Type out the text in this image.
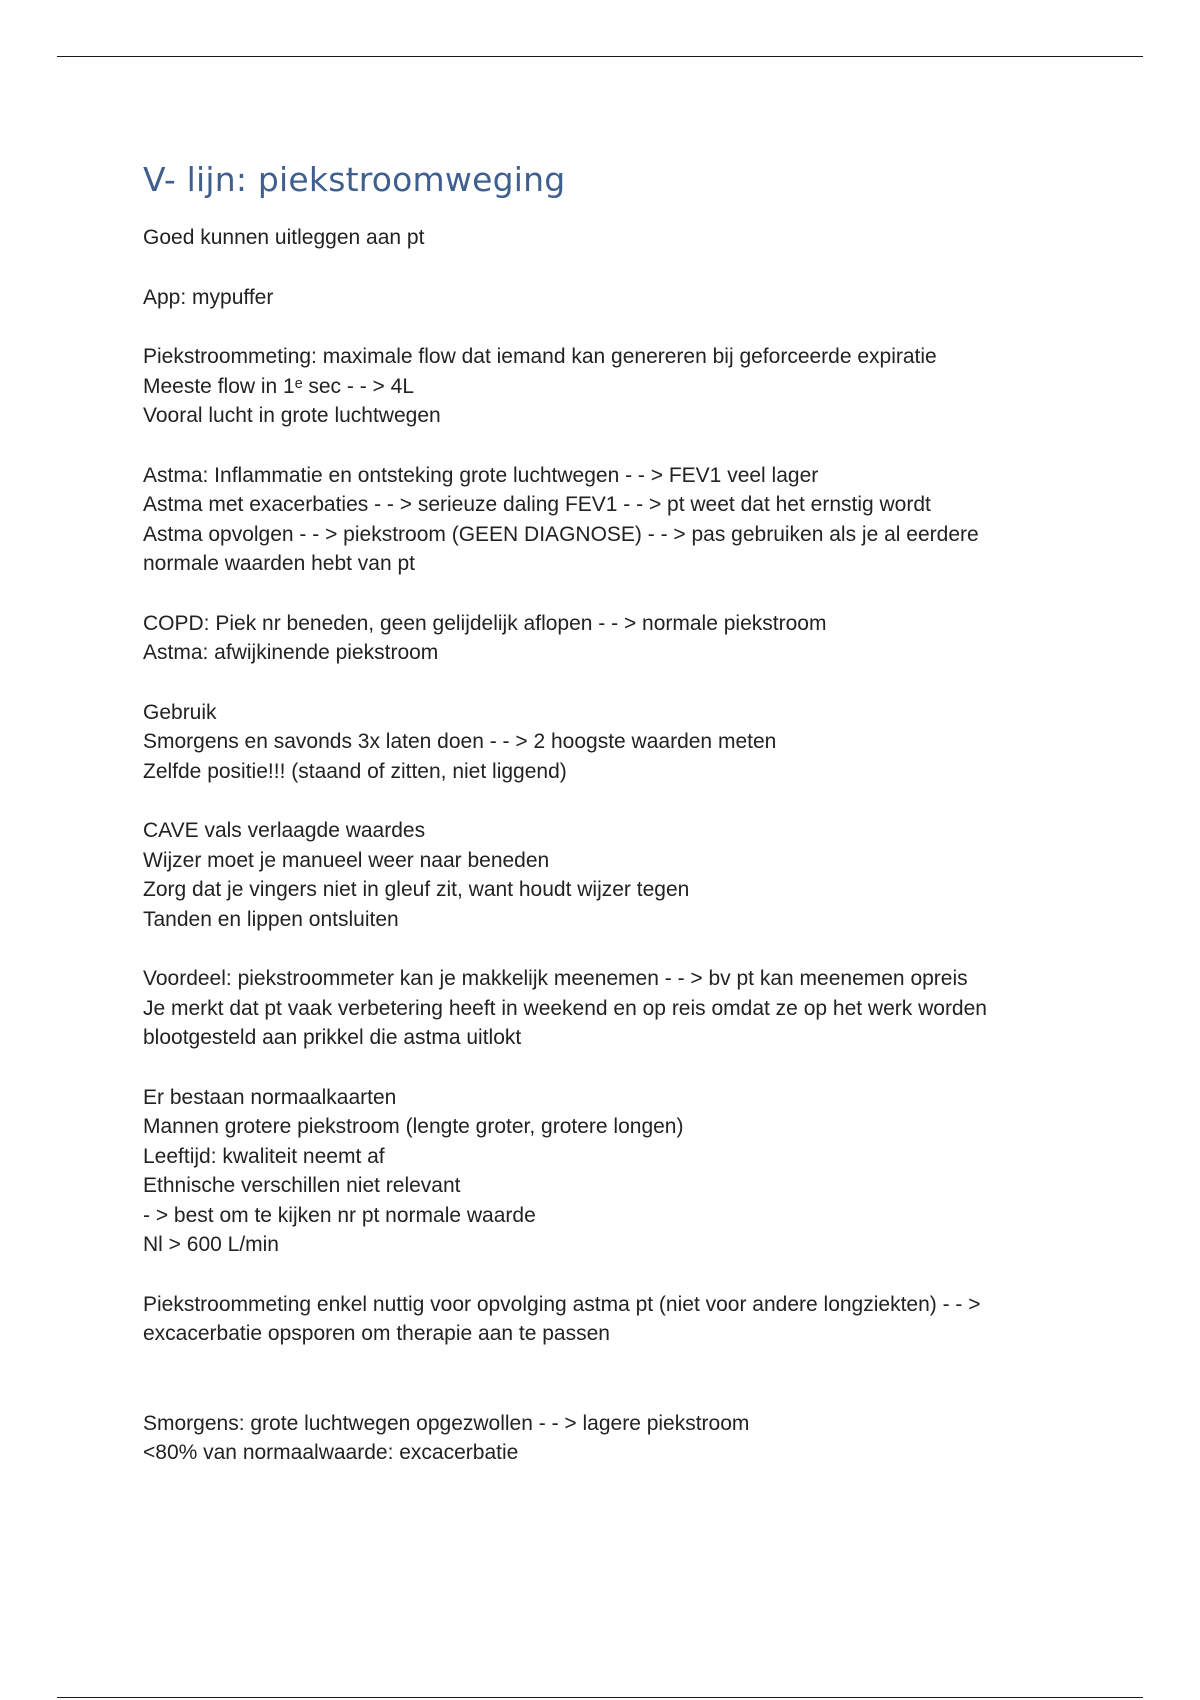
V- lijn: piekstroomweging

Goed kunnen uitleggen aan pt

App: mypuffer

Piekstroommeting: maximale flow dat iemand kan genereren bij geforceerde expiratie

Meeste flow in 1ᵉ sec - - > 4L

Vooral lucht in grote luchtwegen

Astma: Inflammatie en ontsteking grote luchtwegen - - > FEV1 veel lager

Astma met exacerbaties - - > serieuze daling FEV1 - - > pt weet dat het ernstig wordt

Astma opvolgen - - > piekstroom (GEEN DIAGNOSE) - - > pas gebruiken als je al eerdere

normale waarden hebt van pt

COPD: Piek nr beneden, geen gelijdelijk aflopen - - > normale piekstroom

Astma: afwijkinende piekstroom

Gebruik

Smorgens en savonds 3x laten doen - - > 2 hoogste waarden meten

Zelfde positie!!! (staand of zitten, niet liggend)

CAVE vals verlaagde waardes

Wijzer moet je manueel weer naar beneden

Zorg dat je vingers niet in gleuf zit, want houdt wijzer tegen

Tanden en lippen ontsluiten

Voordeel: piekstroommeter kan je makkelijk meenemen - - > bv pt kan meenemen opreis

Je merkt dat pt vaak verbetering heeft in weekend en op reis omdat ze op het werk worden

blootgesteld aan prikkel die astma uitlokt

Er bestaan normaalkaarten

Mannen grotere piekstroom (lengte groter, grotere longen)

Leeftijd: kwaliteit neemt af

Ethnische verschillen niet relevant

- > best om te kijken nr pt normale waarde

Nl > 600 L/min

Piekstroommeting enkel nuttig voor opvolging astma pt (niet voor andere longziekten) - - >

excacerbatie opsporen om therapie aan te passen

Smorgens: grote luchtwegen opgezwollen - - > lagere piekstroom

<80% van normaalwaarde: excacerbatie
